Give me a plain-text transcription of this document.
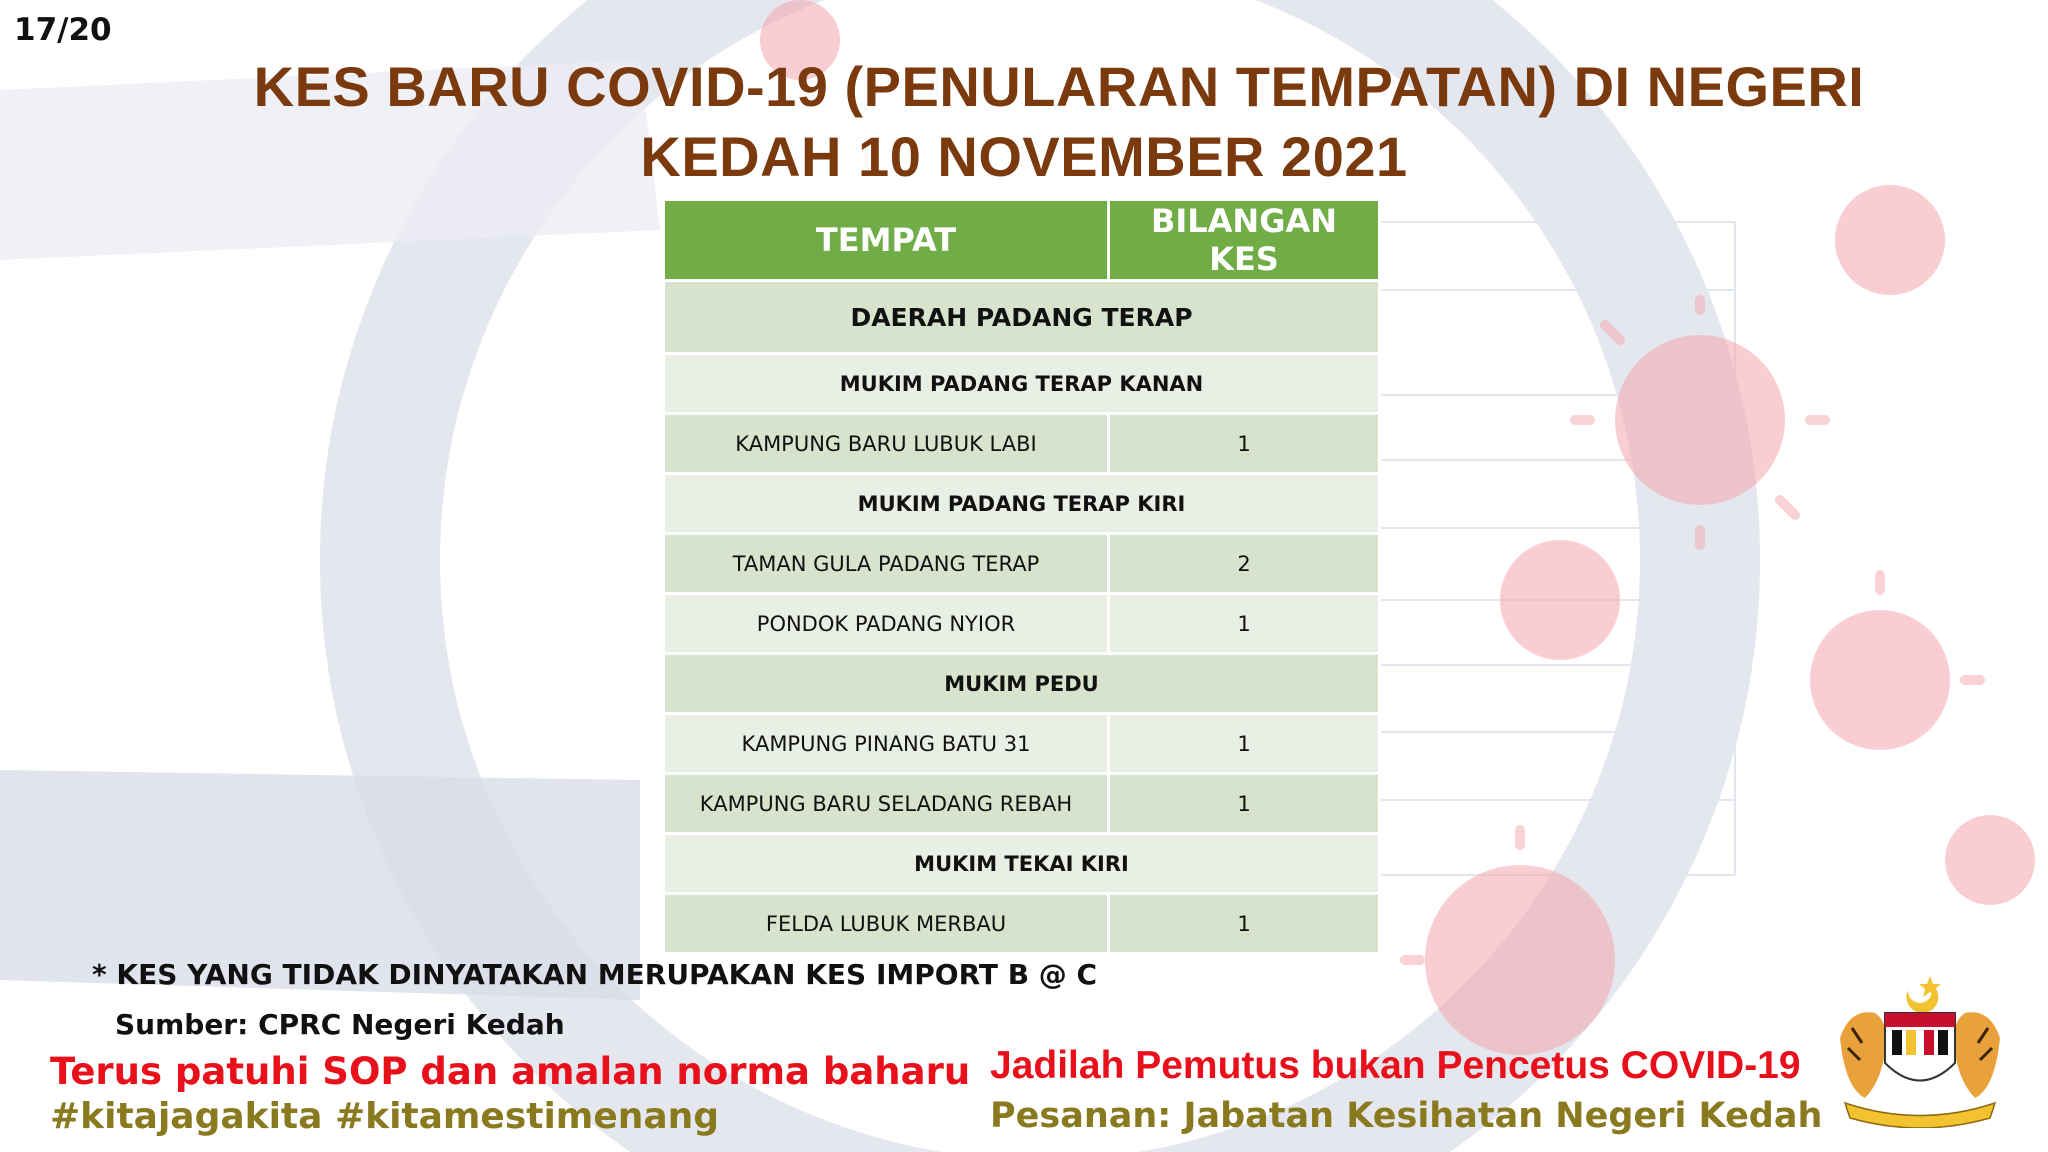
17/20
KES BARU COVID-19 (PENULARAN TEMPATAN) DI NEGERI
KEDAH 10 NOVEMBER 2021
TEMPAT	BILANGAN KES
DAERAH PADANG TERAP	
MUKIM PADANG TERAP KANAN	
KAMPUNG BARU LUBUK LABI	1
MUKIM PADANG TERAP KIRI	
TAMAN GULA PADANG TERAP	2
PONDOK PADANG NYIOR	1
MUKIM PEDU	
KAMPUNG PINANG BATU 31	1
KAMPUNG BARU SELADANG REBAH	1
MUKIM TEKAI KIRI	
FELDA LUBUK MERBAU	1
* KES YANG TIDAK DINYATAKAN MERUPAKAN KES IMPORT B @ C
Sumber: CPRC Negeri Kedah
Terus patuhi SOP dan amalan norma baharu
#kitajagakita #kitamestimenang
Jadilah Pemutus bukan Pencetus COVID-19
Pesanan: Jabatan Kesihatan Negeri Kedah
